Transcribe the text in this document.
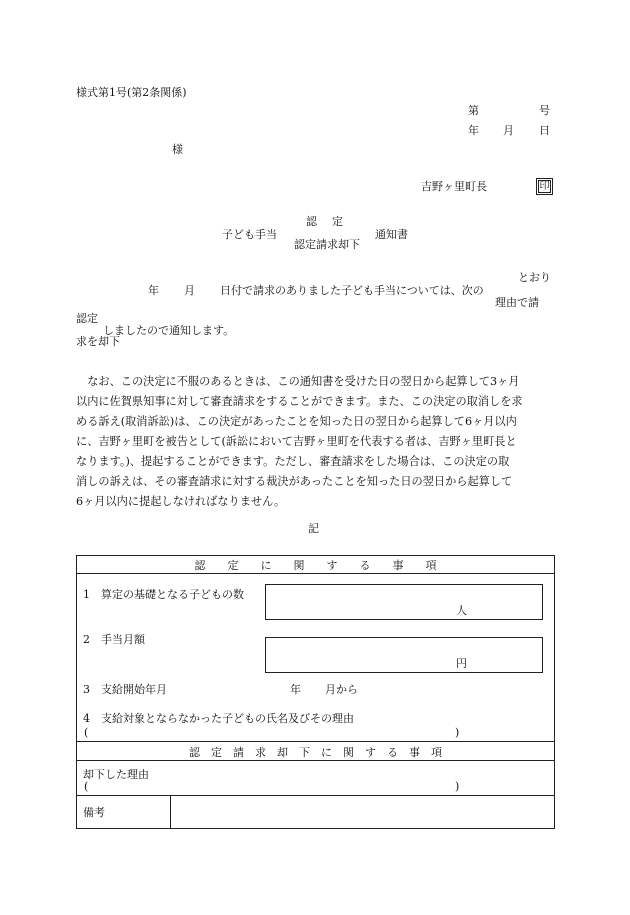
様式第1号(第2条関係)
第	号
年 月 日
様
吉野ヶ里町長	印
認　定
子ども手当	通知書
認定請求却下
とおり
年 月 日付で請求のありました子ども手当については、次の
理由で請
認定
しましたので通知します。
求を却下
　なお、この決定に不服のあるときは、この通知書を受けた日の翌日から起算して3ヶ月
以内に佐賀県知事に対して審査請求をすることができます。また、この決定の取消しを求
める訴え(取消訴訟)は、この決定があったことを知った日の翌日から起算して6ヶ月以内
に、吉野ヶ里町を被告として(訴訟において吉野ヶ里町を代表する者は、吉野ヶ里町長と
なります。)、提起することができます。ただし、審査請求をした場合は、この決定の取
消しの訴えは、その審査請求に対する裁決があったことを知った日の翌日から起算して
6ヶ月以内に提起しなければなりません。
記
認　　定　　に　　関　　す　　る　　事　　項
1　算定の基礎となる子どもの数
人
2　手当月額
円
3　支給開始年月	年 月から
4　支給対象とならなかった子どもの氏名及びその理由
(	)
認　定　請　求　却　下　に　関　す　る　事　項
却下した理由
(	)
備考
